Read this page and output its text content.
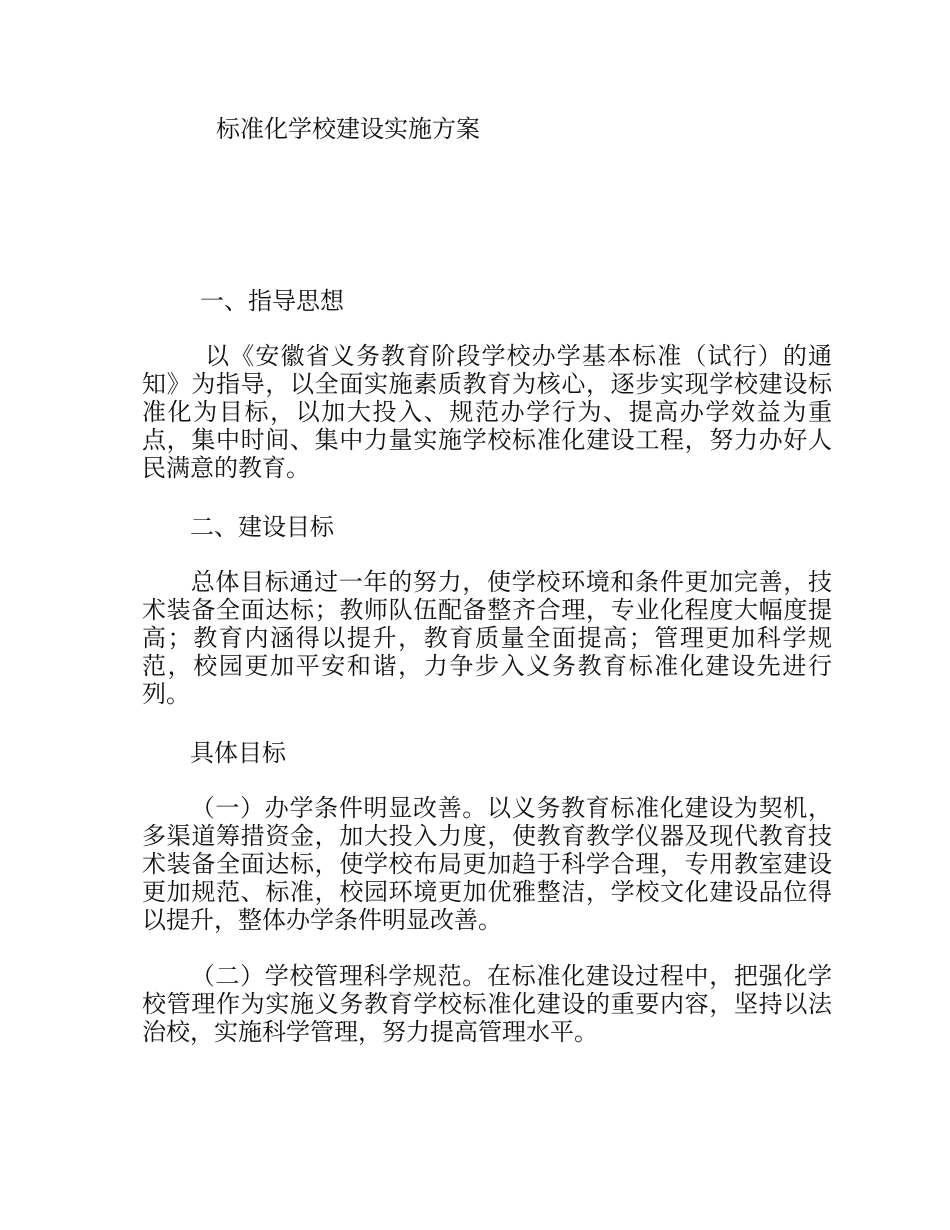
标准化学校建设实施方案
一、指导思想
以《安徽省义务教育阶段学校办学基本标准（试行）的通知》为指导，以全面实施素质教育为核心，逐步实现学校建设标准化为目标，以加大投入、规范办学行为、提高办学效益为重点，集中时间、集中力量实施学校标准化建设工程，努力办好人民满意的教育。
二、建设目标
总体目标通过一年的努力，使学校环境和条件更加完善，技术装备全面达标；教师队伍配备整齐合理，专业化程度大幅度提高；教育内涵得以提升，教育质量全面提高；管理更加科学规范，校园更加平安和谐，力争步入义务教育标准化建设先进行列。
具体目标
（一）办学条件明显改善。以义务教育标准化建设为契机，多渠道筹措资金，加大投入力度，使教育教学仪器及现代教育技术装备全面达标，使学校布局更加趋于科学合理，专用教室建设更加规范、标准，校园环境更加优雅整洁，学校文化建设品位得以提升，整体办学条件明显改善。
（二）学校管理科学规范。在标准化建设过程中，把强化学校管理作为实施义务教育学校标准化建设的重要内容，坚持以法治校，实施科学管理，努力提高管理水平。
